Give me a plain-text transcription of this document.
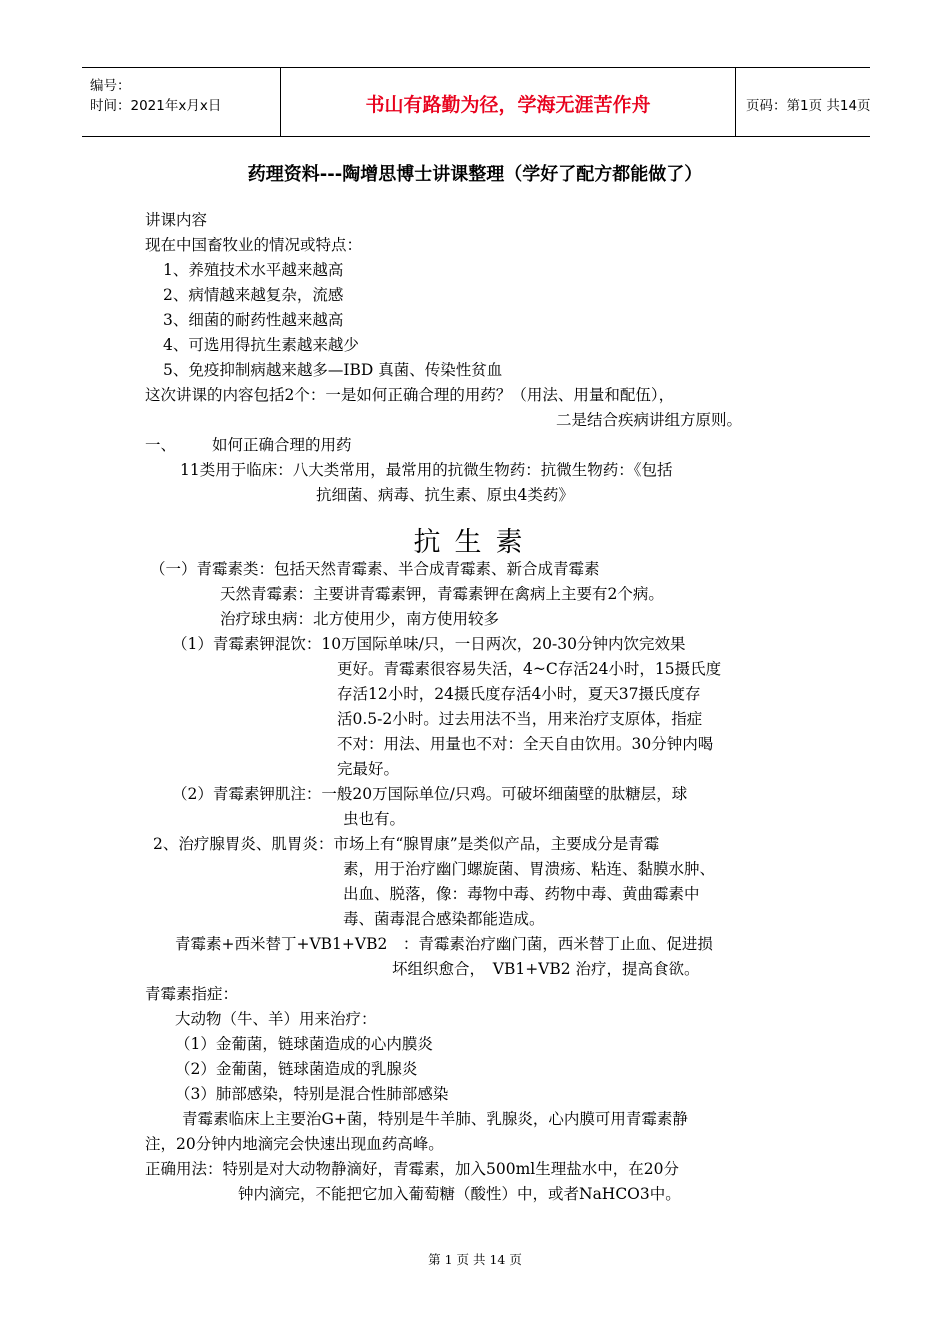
编号：
时间：2021年x月x日	书山有路勤为径，学海无涯苦作舟	页码：第1页 共14页
药理资料---陶增思博士讲课整理（学好了配方都能做了）
讲课内容
现在中国畜牧业的情况或特点：
1、养殖技术水平越来越高
2、病情越来越复杂，流感
3、细菌的耐药性越来越高
4、可选用得抗生素越来越少
5、免疫抑制病越来越多—IBD 真菌、传染性贫血
这次讲课的内容包括2个：一是如何正确合理的用药？（用法、用量和配伍），
二是结合疾病讲组方原则。
一、 如何正确合理的用药
11类用于临床：八大类常用，最常用的抗微生物药：抗微生物药：《包括
抗细菌、病毒、抗生素、原虫4类药》
抗生素
（一）青霉素类：包括天然青霉素、半合成青霉素、新合成青霉素
天然青霉素：主要讲青霉素钾，青霉素钾在禽病上主要有2个病。
治疗球虫病：北方使用少，南方使用较多
（1）青霉素钾混饮：10万国际单味/只，一日两次，20-30分钟内饮完效果
更好。青霉素很容易失活，4~C存活24小时，15摄氏度
存活12小时，24摄氏度存活4小时，夏天37摄氏度存
活0.5-2小时。过去用法不当，用来治疗支原体，指症
不对：用法、用量也不对：全天自由饮用。30分钟内喝
完最好。
（2）青霉素钾肌注：一般20万国际单位/只鸡。可破坏细菌壁的肽糖层，球
虫也有。
2、治疗腺胃炎、肌胃炎：市场上有“腺胃康”是类似产品，主要成分是青霉
素，用于治疗幽门螺旋菌、胃溃疡、粘连、黏膜水肿、
出血、脱落，像：毒物中毒、药物中毒、黄曲霉素中
毒、菌毒混合感染都能造成。
青霉素+西米替丁+VB1+VB2　：青霉素治疗幽门菌，西米替丁止血、促进损
坏组织愈合，　VB1+VB2 治疗，提高食欲。
青霉素指症：
大动物（牛、羊）用来治疗：
（1）金葡菌，链球菌造成的心内膜炎
（2）金葡菌，链球菌造成的乳腺炎
（3）肺部感染，特别是混合性肺部感染
青霉素临床上主要治G+菌，特别是牛羊肺、乳腺炎，心内膜可用青霉素静
注，20分钟内地滴完会快速出现血药高峰。
正确用法：特别是对大动物静滴好，青霉素，加入500ml生理盐水中，在20分
钟内滴完，不能把它加入葡萄糖（酸性）中，或者NaHCO3中。
第 1 页 共 14 页
